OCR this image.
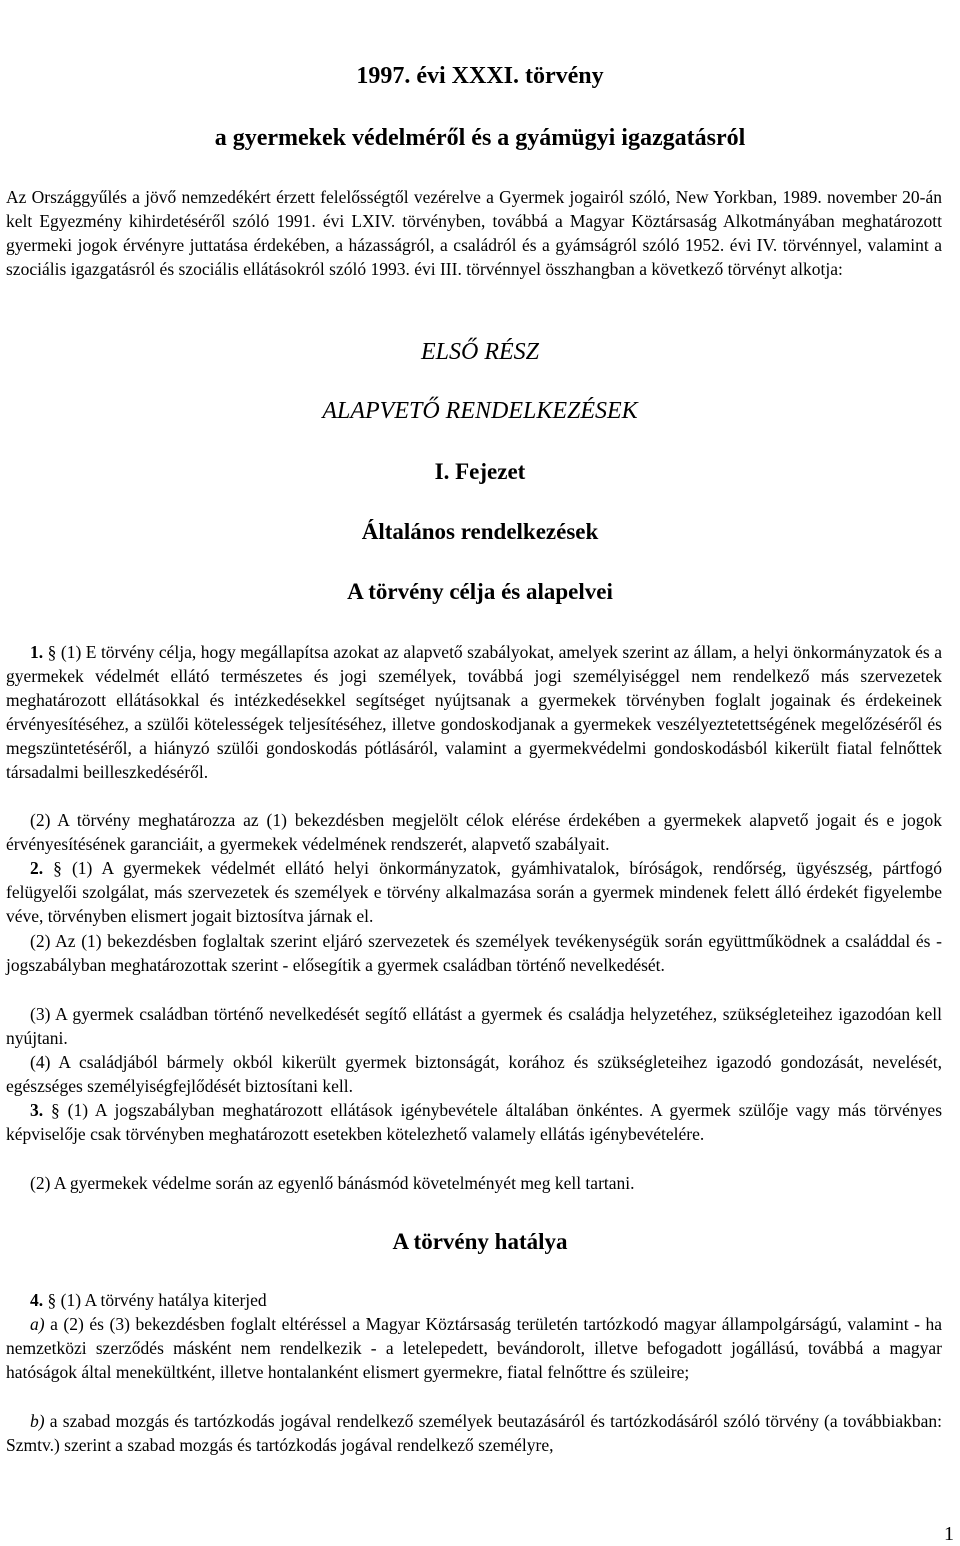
1997. évi XXXI. törvény
a gyermekek védelméről és a gyámügyi igazgatásról

Az Országgyűlés a jövő nemzedékért érzett felelősségtől vezérelve a Gyermek jogairól szóló, New Yorkban, 1989. november 20-án kelt Egyezmény kihirdetéséről szóló 1991. évi LXIV. törvényben, továbbá a Magyar Köztársaság Alkotmányában meghatározott gyermeki jogok érvényre juttatása érdekében, a házasságról, a családról és a gyámságról szóló 1952. évi IV. törvénnyel, valamint a szociális igazgatásról és szociális ellátásokról szóló 1993. évi III. törvénnyel összhangban a következő törvényt alkotja:

ELSŐ RÉSZ
ALAPVETŐ RENDELKEZÉSEK
I. Fejezet
Általános rendelkezések
A törvény célja és alapelvei

1. § (1) E törvény célja, hogy megállapítsa azokat az alapvető szabályokat, amelyek szerint az állam, a helyi önkormányzatok és a gyermekek védelmét ellátó természetes és jogi személyek, továbbá jogi személyiséggel nem rendelkező más szervezetek meghatározott ellátásokkal és intézkedésekkel segítséget nyújtsanak a gyermekek törvényben foglalt jogainak és érdekeinek érvényesítéséhez, a szülői kötelességek teljesítéséhez, illetve gondoskodjanak a gyermekek veszélyeztetettségének megelőzéséről és megszüntetéséről, a hiányzó szülői gondoskodás pótlásáról, valamint a gyermekvédelmi gondoskodásból kikerült fiatal felnőttek társadalmi beilleszkedéséről.

(2) A törvény meghatározza az (1) bekezdésben megjelölt célok elérése érdekében a gyermekek alapvető jogait és e jogok érvényesítésének garanciáit, a gyermekek védelmének rendszerét, alapvető szabályait.

2. § (1) A gyermekek védelmét ellátó helyi önkormányzatok, gyámhivatalok, bíróságok, rendőrség, ügyészség, pártfogó felügyelői szolgálat, más szervezetek és személyek e törvény alkalmazása során a gyermek mindenek felett álló érdekét figyelembe véve, törvényben elismert jogait biztosítva járnak el.

(2) Az (1) bekezdésben foglaltak szerint eljáró szervezetek és személyek tevékenységük során együttműködnek a családdal és - jogszabályban meghatározottak szerint - elősegítik a gyermek családban történő nevelkedését.

(3) A gyermek családban történő nevelkedését segítő ellátást a gyermek és családja helyzetéhez, szükségleteihez igazodóan kell nyújtani.

(4) A családjából bármely okból kikerült gyermek biztonságát, korához és szükségleteihez igazodó gondozását, nevelését, egészséges személyiségfejlődését biztosítani kell.

3. § (1) A jogszabályban meghatározott ellátások igénybevétele általában önkéntes. A gyermek szülője vagy más törvényes képviselője csak törvényben meghatározott esetekben kötelezhető valamely ellátás igénybevételére.

(2) A gyermekek védelme során az egyenlő bánásmód követelményét meg kell tartani.

A törvény hatálya

4. § (1) A törvény hatálya kiterjed

a) a (2) és (3) bekezdésben foglalt eltéréssel a Magyar Köztársaság területén tartózkodó magyar állampolgárságú, valamint - ha nemzetközi szerződés másként nem rendelkezik - a letelepedett, bevándorolt, illetve befogadott jogállású, továbbá a magyar hatóságok által menekültként, illetve hontalanként elismert gyermekre, fiatal felnőttre és szüleire;

b) a szabad mozgás és tartózkodás jogával rendelkező személyek beutazásáról és tartózkodásáról szóló törvény (a továbbiakban: Szmtv.) szerint a szabad mozgás és tartózkodás jogával rendelkező személyre,

1
